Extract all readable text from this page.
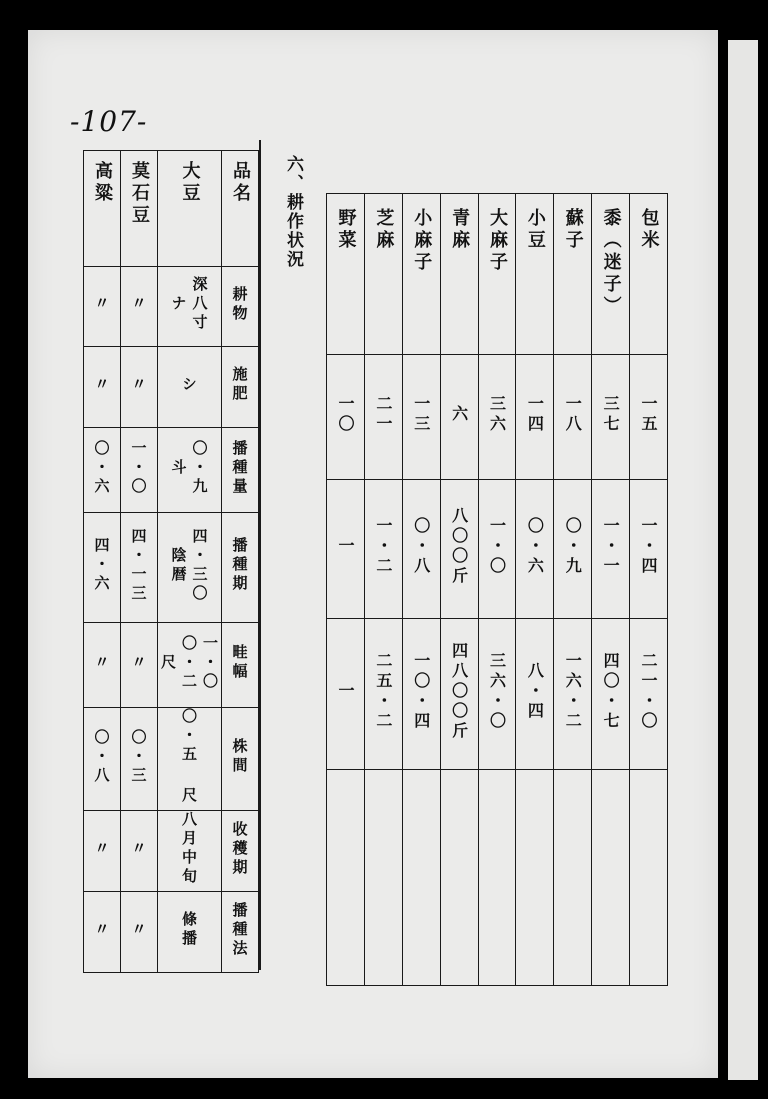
-107-
六、耕作状況 野菜	芝麻	小麻子	青麻	大麻子	小豆	蘇子	黍（迷子）	包米
一〇	二一	一三	六	三六	一四	一八	三七	一五
一	一・二	〇・八	八〇〇斤	一・〇	〇・六	〇・九	一・一	一・四
一	二五・二	一〇・四	四八〇〇斤	三六・〇	八・四	一六・二	四〇・七	二一・〇

高粱	莫石豆	大豆	品名
〃	〃	深八寸ナ	耕物
〃	〃	シ	施肥
〇・六	一・〇	〇・九 斗	播種量
四・六	四・一三	四・三〇 陰暦	播種期
〃	〃	一・〇〇・二 尺	畦幅
〇・八	〇・三	〇・五 尺	株間
〃	〃	八月中旬	收穫期
〃	〃	條播	播種法
